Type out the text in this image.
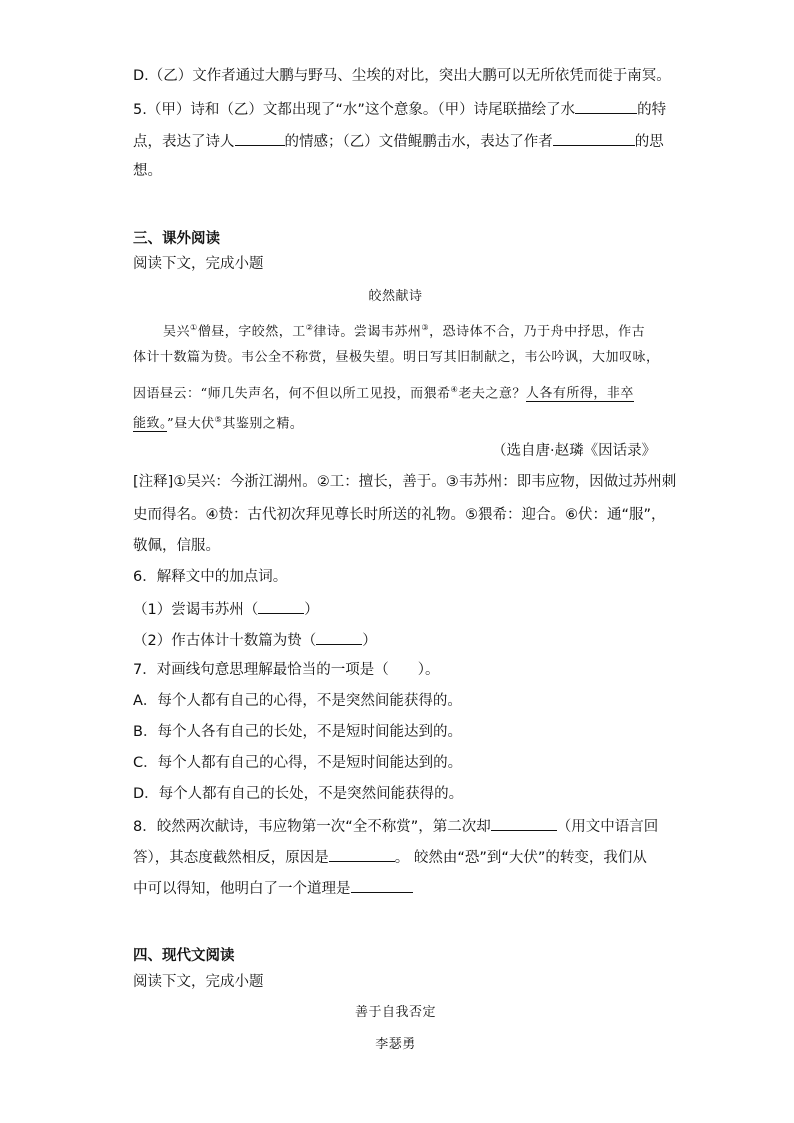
D.（乙）文作者通过大鹏与野马、尘埃的对比，突出大鹏可以无所依凭而徙于南冥。
5.（甲）诗和（乙）文都出现了“水”这个意象。（甲）诗尾联描绘了水	的特
点，表达了诗人	的情感；（乙）文借鲲鹏击水，表达了作者	的思
想。
三、课外阅读
阅读下文，完成小题
皎然献诗
吴兴①僧昼，字皎然，工②律诗。尝谒韦苏州③，恐诗体不合，乃于舟中抒思，作古
体计十数篇为贽。韦公全不称赏，昼极失望。明日写其旧制献之，韦公吟讽，大加叹咏，
因语昼云：“师几失声名，何不但以所工见投，而猥希④老夫之意？人各有所得，非卒
能致。”昼大伏⑤其鉴别之精。
（选自唐·赵璘《因话录》
[注释]①吴兴：今浙江湖州。②工：擅长，善于。③韦苏州：即韦应物，因做过苏州刺
史而得名。④贽：古代初次拜见尊长时所送的礼物。⑤猥希：迎合。⑥伏：通“服”，
敬佩，信服。
6．解释文中的加点词。
（1）尝谒韦苏州（	）
（2）作古体计十数篇为贽（	）
7．对画线句意思理解最恰当的一项是（　　）。
A．每个人都有自己的心得，不是突然间能获得的。
B．每个人各有自己的长处，不是短时间能达到的。
C．每个人都有自己的心得，不是短时间能达到的。
D．每个人都有自己的长处，不是突然间能获得的。
8．皎然两次献诗，韦应物第一次“全不称赏”，第二次却	（用文中语言回
答），其态度截然相反，原因是	。 皎然由“恐”到“大伏”的转变，我们从
中可以得知，他明白了一个道理是
四、现代文阅读
阅读下文，完成小题
善于自我否定
李瑟勇
